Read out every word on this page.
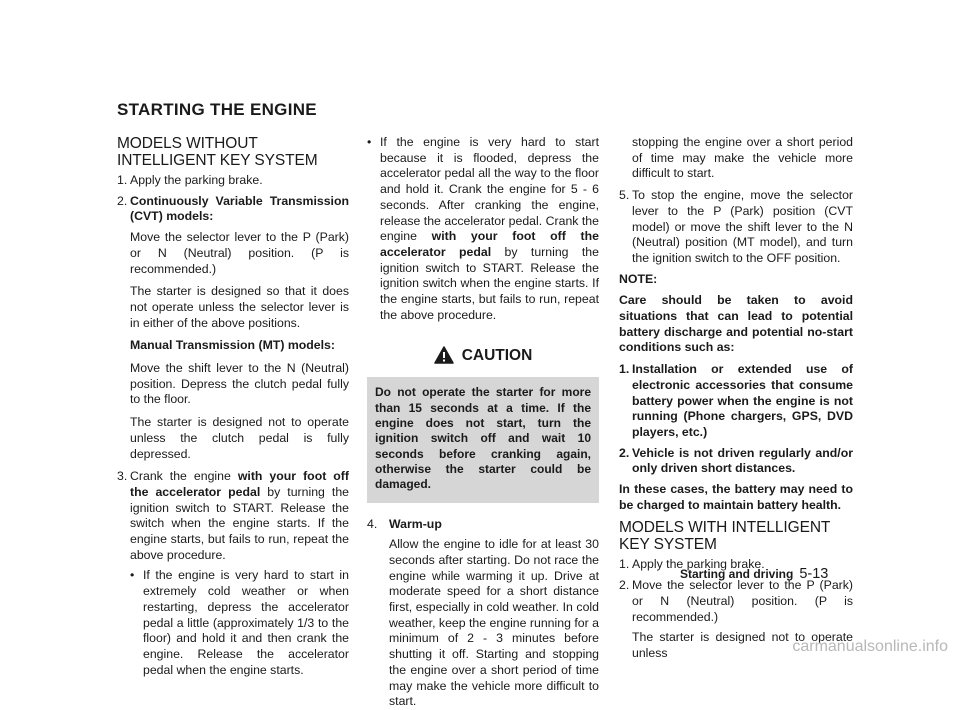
STARTING THE ENGINE
MODELS WITHOUT INTELLIGENT KEY SYSTEM
1. Apply the parking brake.
2. Continuously Variable Transmission (CVT) models:

Move the selector lever to the P (Park) or N (Neutral) position. (P is recommended.)

The starter is designed so that it does not operate unless the selector lever is in either of the above positions.

Manual Transmission (MT) models:

Move the shift lever to the N (Neutral) position. Depress the clutch pedal fully to the floor.

The starter is designed not to operate unless the clutch pedal is fully depressed.

3. Crank the engine with your foot off the accelerator pedal by turning the ignition switch to START. Release the switch when the engine starts. If the engine starts, but fails to run, repeat the above procedure.
• If the engine is very hard to start in extremely cold weather or when restarting, depress the accelerator pedal a little (approximately 1/3 to the floor) and hold it and then crank the engine. Release the accelerator pedal when the engine starts.
• If the engine is very hard to start because it is flooded, depress the accelerator pedal all the way to the floor and hold it. Crank the engine for 5 - 6 seconds. After cranking the engine, release the accelerator pedal. Crank the engine with your foot off the accelerator pedal by turning the ignition switch to START. Release the ignition switch when the engine starts. If the engine starts, but fails to run, repeat the above procedure.
CAUTION
Do not operate the starter for more than 15 seconds at a time. If the engine does not start, turn the ignition switch off and wait 10 seconds before cranking again, otherwise the starter could be damaged.
4. Warm-up

Allow the engine to idle for at least 30 seconds after starting. Do not race the engine while warming it up. Drive at moderate speed for a short distance first, especially in cold weather. In cold weather, keep the engine running for a minimum of 2 - 3 minutes before shutting it off. Starting and stopping the engine over a short period of time may make the vehicle more difficult to start.

stopping the engine over a short period of time may make the vehicle more difficult to start.

5. To stop the engine, move the selector lever to the P (Park) position (CVT model) or move the shift lever to the N (Neutral) position (MT model), and turn the ignition switch to the OFF position.
NOTE:
Care should be taken to avoid situations that can lead to potential battery discharge and potential no-start conditions such as:
1. Installation or extended use of electronic accessories that consume battery power when the engine is not running (Phone chargers, GPS, DVD players, etc.)
2. Vehicle is not driven regularly and/or only driven short distances.
In these cases, the battery may need to be charged to maintain battery health.
MODELS WITH INTELLIGENT KEY SYSTEM
1. Apply the parking brake.
2. Move the selector lever to the P (Park) or N (Neutral) position. (P is recommended.)

The starter is designed not to operate unless

Starting and driving 5-13
carmanualsonline.info
